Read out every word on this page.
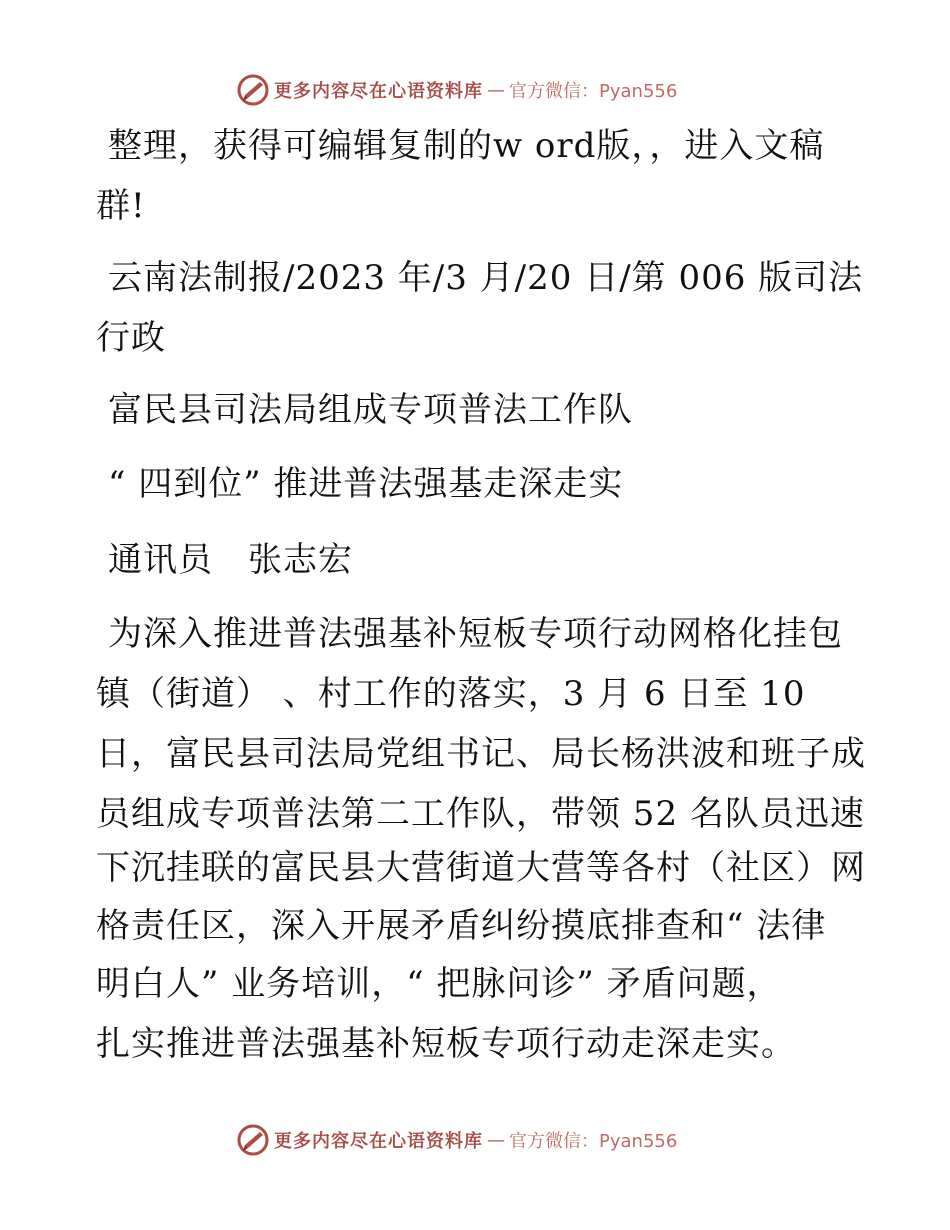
更多内容尽在心语资料库 — 官方微信：Pyan556
整理，获得可编辑复制的w ord版，，进入文稿
群!
云南法制报/2023 年/3 月/20 日/第 006 版司法
行政
富民县司法局组成专项普法工作队
“ 四到位” 推进普法强基走深走实
通讯员　张志宏
为深入推进普法强基补短板专项行动网格化挂包
镇（街道） 、村工作的落实，3 月 6 日至 10
日，富民县司法局党组书记、局长杨洪波和班子成
员组成专项普法第二工作队，带领 52 名队员迅速
下沉挂联的富民县大营街道大营等各村（社区）网
格责任区，深入开展矛盾纠纷摸底排查和“ 法律
明白人” 业务培训，“ 把脉问诊” 矛盾问题，
扎实推进普法强基补短板专项行动走深走实。
更多内容尽在心语资料库 — 官方微信：Pyan556
